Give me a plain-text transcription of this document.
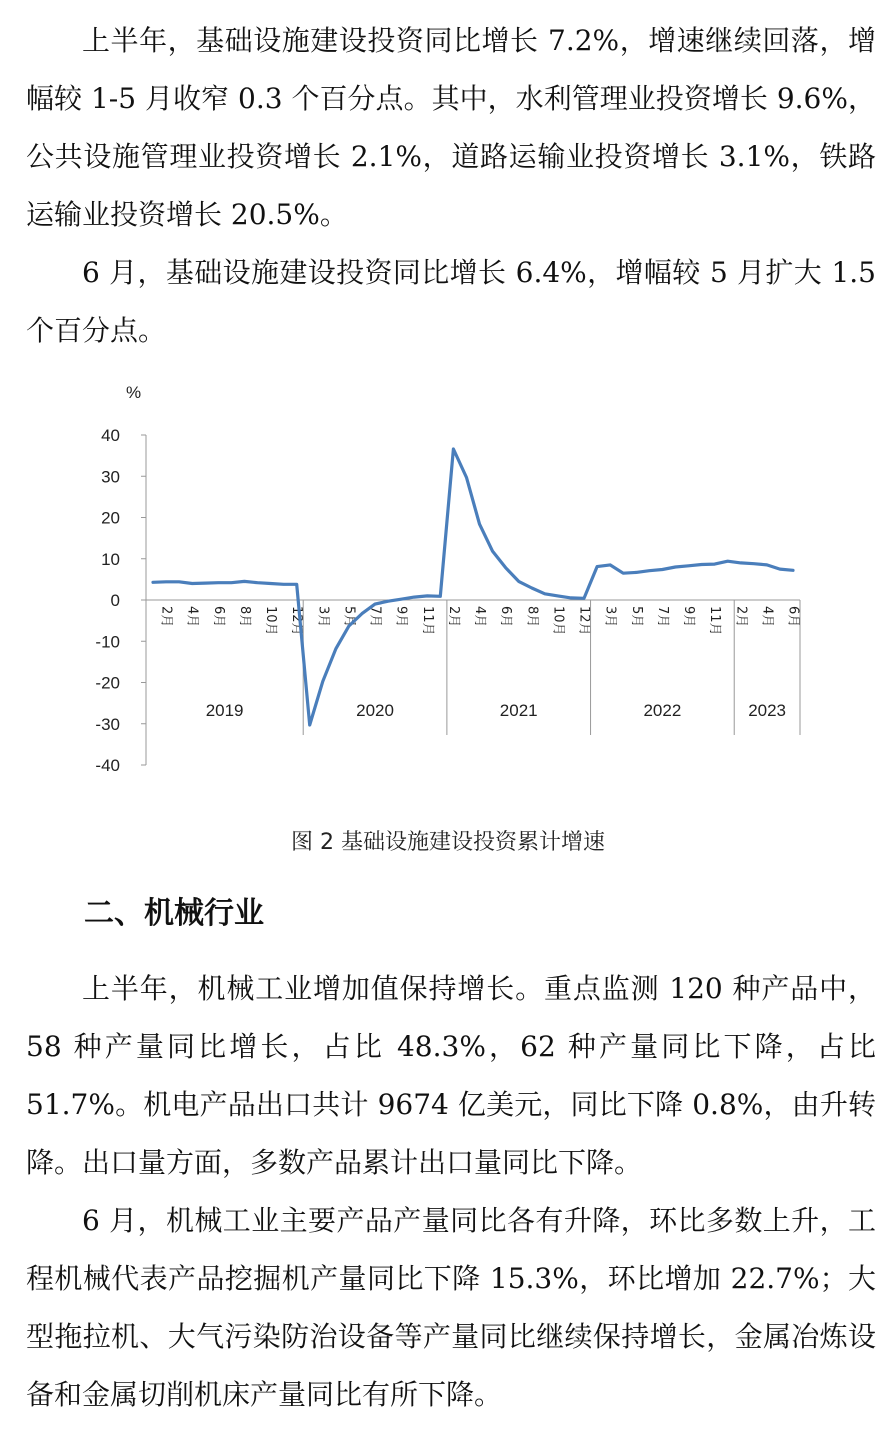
上半年，基础设施建设投资同比增长 7.2%，增速继续回落，增幅较 1-5 月收窄 0.3 个百分点。其中，水利管理业投资增长 9.6%，公共设施管理业投资增长 2.1%，道路运输业投资增长 3.1%，铁路运输业投资增长 20.5%。

6 月，基础设施建设投资同比增长 6.4%，增幅较 5 月扩大 1.5 个百分点。

%
40
30
20
10
0
-10
-20
-30
-40
2月 4月 6月 8月 10月 12月 3月 5月 7月 9月 11月 2月 4月 6月 8月 10月 12月 3月 5月 7月 9月 11月 2月 4月 6月
2019	2020	2021	2022	2023
图 2 基础设施建设投资累计增速
二、机械行业

上半年，机械工业增加值保持增长。重点监测 120 种产品中，58 种产量同比增长，占比 48.3%，62 种产量同比下降，占比 51.7%。机电产品出口共计 9674 亿美元，同比下降 0.8%，由升转降。出口量方面，多数产品累计出口量同比下降。

6 月，机械工业主要产品产量同比各有升降，环比多数上升，工程机械代表产品挖掘机产量同比下降 15.3%，环比增加 22.7%；大型拖拉机、大气污染防治设备等产量同比继续保持增长，金属冶炼设备和金属切削机床产量同比有所下降。
